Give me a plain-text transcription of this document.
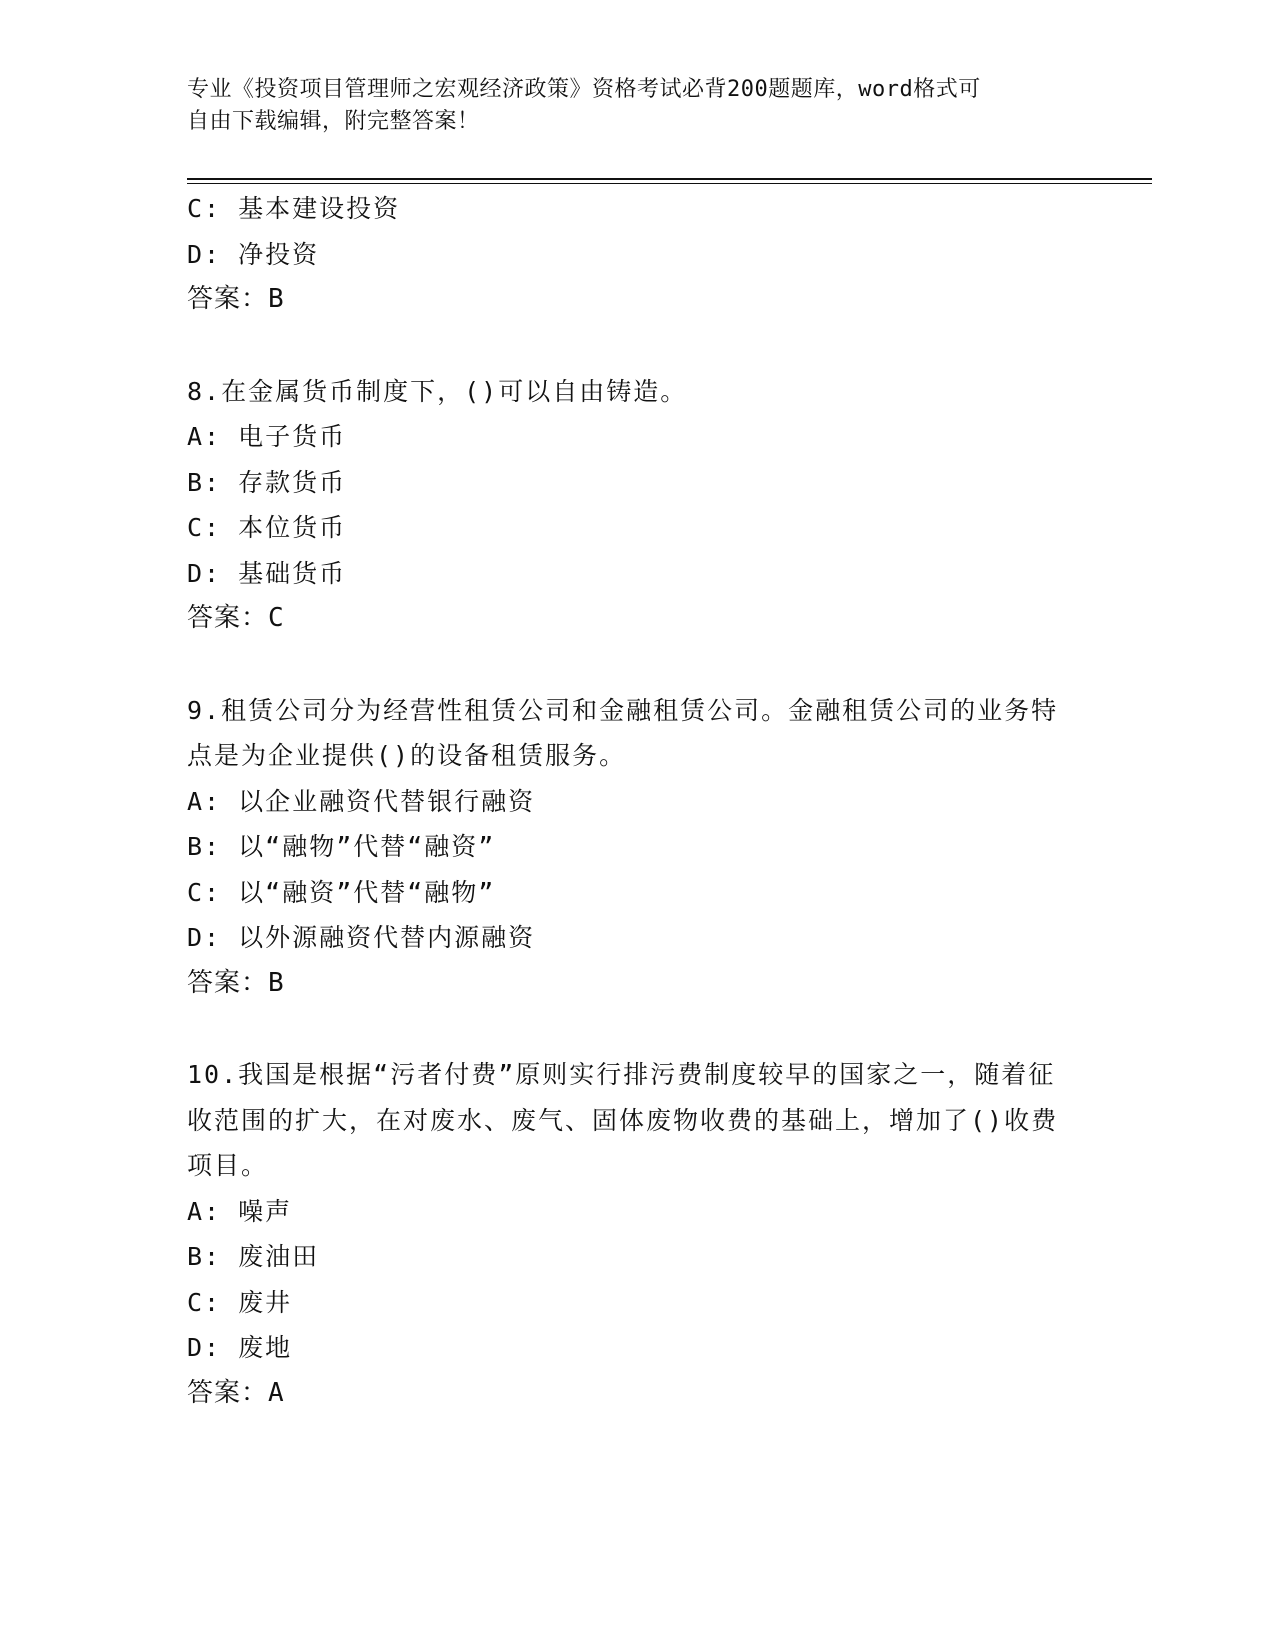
专业《投资项目管理师之宏观经济政策》资格考试必背200题题库，word格式可
自由下载编辑，附完整答案！
C: 基本建设投资
D: 净投资
答案：B
8.在金属货币制度下，()可以自由铸造。
A: 电子货币
B: 存款货币
C: 本位货币
D: 基础货币
答案：C
9.租赁公司分为经营性租赁公司和金融租赁公司。金融租赁公司的业务特点是为企业提供()的设备租赁服务。
A: 以企业融资代替银行融资
B: 以“融物”代替“融资”
C: 以“融资”代替“融物”
D: 以外源融资代替内源融资
答案：B
10.我国是根据“污者付费”原则实行排污费制度较早的国家之一，随着征收范围的扩大，在对废水、废气、固体废物收费的基础上，增加了()收费项目。
A: 噪声
B: 废油田
C: 废井
D: 废地
答案：A
